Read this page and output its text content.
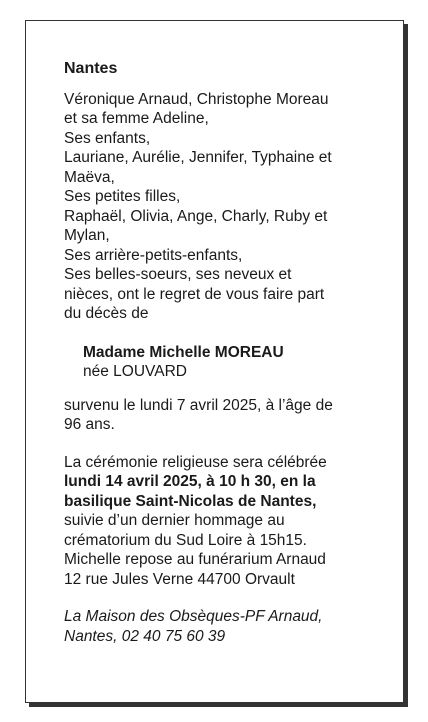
Nantes
Véronique Arnaud, Christophe Moreau
et sa femme Adeline,
Ses enfants,
Lauriane, Aurélie, Jennifer, Typhaine et
Maëva,
Ses petites filles,
Raphaël, Olivia, Ange, Charly, Ruby et
Mylan,
Ses arrière-petits-enfants,
Ses belles-soeurs, ses neveux et
nièces, ont le regret de vous faire part
du décès de
Madame Michelle MOREAU
née LOUVARD
survenu le lundi 7 avril 2025, à l’âge de
96 ans.
La cérémonie religieuse sera célébrée
lundi 14 avril 2025, à 10 h 30, en la
basilique Saint-Nicolas de Nantes,
suivie d’un dernier hommage au
crématorium du Sud Loire à 15h15.
Michelle repose au funérarium Arnaud
12 rue Jules Verne 44700 Orvault
La Maison des Obsèques-PF Arnaud,
Nantes, 02 40 75 60 39
